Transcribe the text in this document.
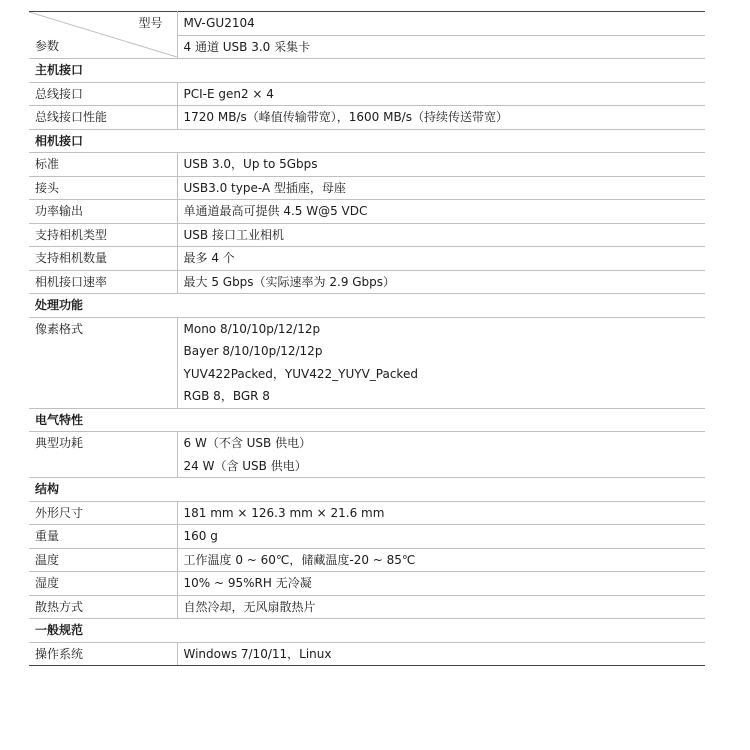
型号
参数	MV-GU2104
	4 通道 USB 3.0 采集卡
主机接口	
总线接口	PCI-E gen2 × 4
总线接口性能	1720 MB/s（峰值传输带宽），1600 MB/s（持续传送带宽）
相机接口	
标准	USB 3.0，Up to 5Gbps
接头	USB3.0 type-A 型插座，母座
功率输出	单通道最高可提供 4.5 W@5 VDC
支持相机类型	USB 接口工业相机
支持相机数量	最多 4 个
相机接口速率	最大 5 Gbps（实际速率为 2.9 Gbps）
处理功能	
像素格式	Mono 8/10/10p/12/12p
Bayer 8/10/10p/12/12p
YUV422Packed，YUV422_YUYV_Packed
RGB 8，BGR 8

电气特性	
典型功耗	6 W（不含 USB 供电）
24 W（含 USB 供电）

结构	
外形尺寸	181 mm × 126.3 mm × 21.6 mm
重量	160 g
温度	工作温度 0 ~ 60℃，储藏温度-20 ~ 85℃
湿度	10% ~ 95%RH 无冷凝
散热方式	自然冷却，无风扇散热片
一般规范	
操作系统	Windows 7/10/11，Linux
